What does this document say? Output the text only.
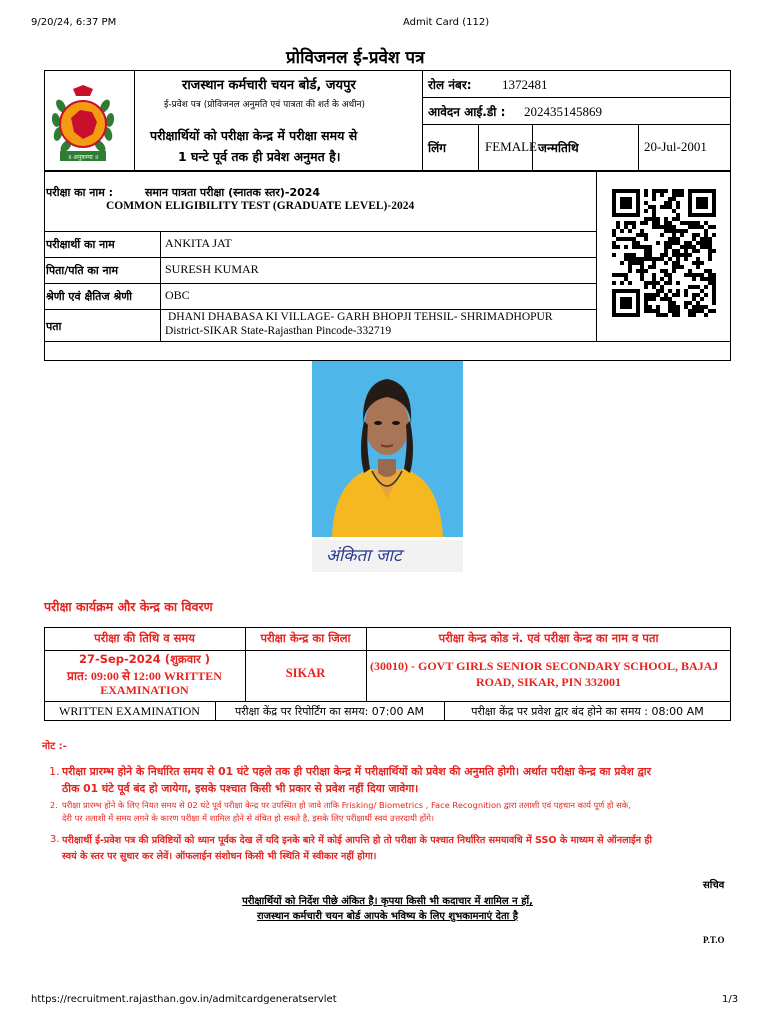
9/20/24, 6:37 PM	Admit Card (112)
प्रोविजनल ई-प्रवेश पत्र
॥ अनुकम्पा ॥
राजस्थान कर्मचारी चयन बोर्ड, जयपुर
ई-प्रवेश पत्र (प्रोविजनल अनुमति एवं पात्रता की शर्त के अधीन)
परीक्षार्थियों को परीक्षा केन्द्र में परीक्षा समय से
1 घन्टे पूर्व तक ही प्रवेश अनुमत है।
रोल नंबर: 1372481
आवेदन आई.डी : 202435145869
लिंग	FEMALE जन्मतिथि	20-Jul-2001
परीक्षा का नाम :	समान पात्रता परीक्षा (स्नातक स्तर)-2024
COMMON ELIGIBILITY TEST (GRADUATE LEVEL)-2024
परीक्षार्थी का नाम	ANKITA JAT
पिता/पति का नाम	SURESH KUMAR
श्रेणी एवं क्षैतिज श्रेणी	OBC
पता
DHANI DHABASA KI VILLAGE- GARH BHOPJI TEHSIL- SHRIMADHOPUR
District-SIKAR State-Rajasthan Pincode-332719
अंकिता जाट
परीक्षा कार्यक्रम और केन्द्र का विवरण
परीक्षा की तिथि व समय	परीक्षा केन्द्र का जिला	परीक्षा केन्द्र कोड नं. एवं परीक्षा केन्द्र का नाम व पता
27-Sep-2024 (शुक्रवार )
प्रात: 09:00 से 12:00 WRITTEN
EXAMINATION
SIKAR	(30010) - GOVT GIRLS SENIOR SECONDARY SCHOOL, BAJAJ
ROAD, SIKAR, PIN 332001
WRITTEN EXAMINATION	परीक्षा केंद्र पर रिपोर्टिंग का समय: 07:00 AM	परीक्षा केंद्र पर प्रवेश द्वार बंद होने का समय : 08:00 AM
नोट :-
1. परीक्षा प्रारम्भ होने के निर्धारित समय से 01 घंटे पहले तक ही परीक्षा केन्द्र में परीक्षार्थियों को प्रवेश की अनुमति होगी। अर्थात परीक्षा केन्द्र का प्रवेश द्वार
ठीक 01 घंटे पूर्व बंद हो जायेगा, इसके पश्चात किसी भी प्रकार से प्रवेश नहीं दिया जावेगा।
2. परीक्षा प्रारम्भ होने के लिए नियत समय से 02 घंटे पूर्व परीक्षा केन्द्र पर उपस्थित हो जावे ताकि Frisking/ Biometrics , Face Recognition द्वारा तलाशी एवं पहचान कार्य पूर्ण हो सके,
देरी पर तलाशी में समय लगने के कारण परीक्षा में शामिल होने से वंचित हो सकते है, इसके लिए परीक्षार्थी स्वयं उत्तरदायी होंगे।
3. परीक्षार्थी ई-प्रवेश पत्र की प्रविष्टियों को ध्यान पूर्वक देख लें यदि इनके बारे में कोई आपत्ति हो तो परीक्षा के पश्चात निर्धारित समयावधि में SSO के माध्यम से ऑनलाईन ही
स्वयं के स्तर पर सुधार कर लेवें। ऑफलाईन संशोधन किसी भी स्थिति में स्वीकार नहीं होगा।
सचिव
परीक्षार्थियों को निर्देश पीछे अंकित है। कृपया किसी भी कदाचार में शामिल न हों,
राजस्थान कर्मचारी चयन बोर्ड आपके भविष्य के लिए शुभकामनाएं देता है
P.T.O
https://recruitment.rajasthan.gov.in/admitcardgeneratservlet	1/3
